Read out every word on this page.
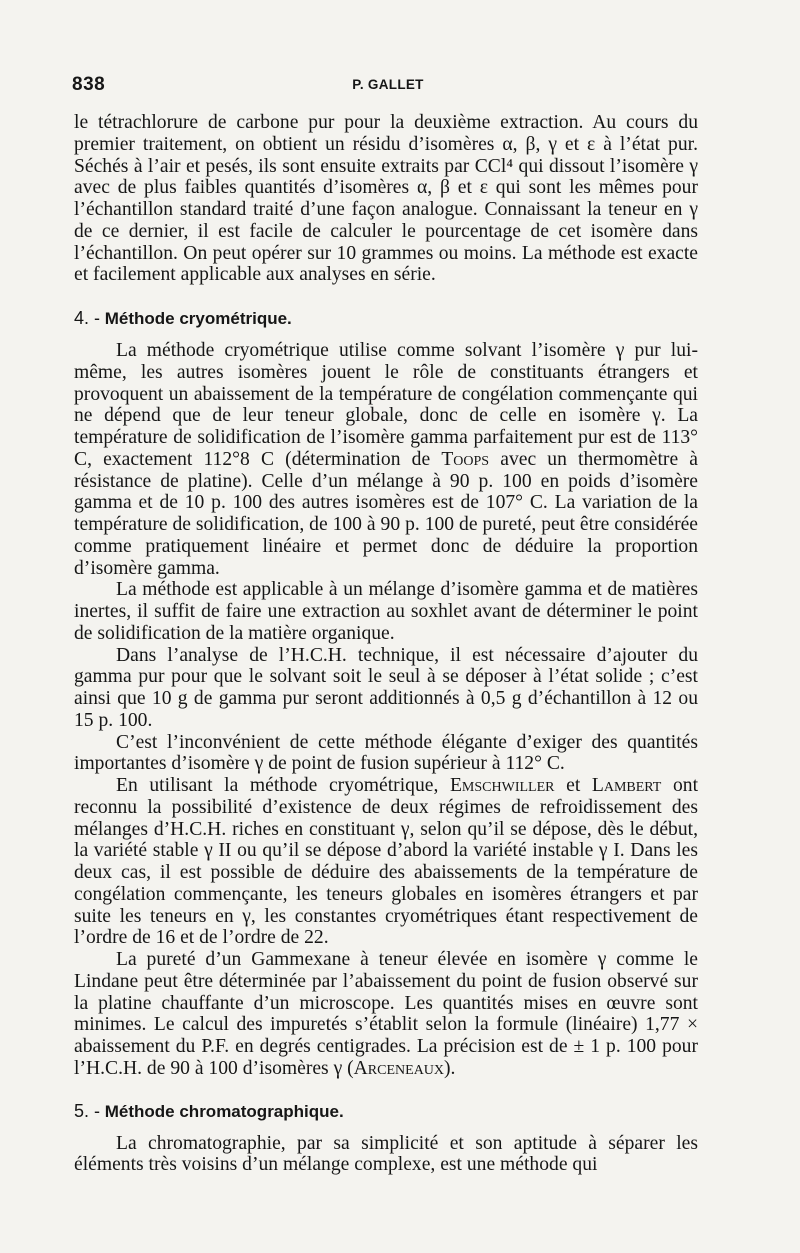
838	P. GALLET

le tétrachlorure de carbone pur pour la deuxième extraction. Au cours du premier traitement, on obtient un résidu d’isomères α, β, γ et ε à l’état pur. Séchés à l’air et pesés, ils sont ensuite extraits par CCl⁴ qui dissout l’isomère γ avec de plus faibles quantités d’isomères α, β et ε qui sont les mêmes pour l’échantillon standard traité d’une façon analogue. Connaissant la teneur en γ de ce dernier, il est facile de calculer le pourcentage de cet isomère dans l’échantillon. On peut opérer sur 10 grammes ou moins. La méthode est exacte et facilement applicable aux analyses en série.

4. - Méthode cryométrique.

La méthode cryométrique utilise comme solvant l’isomère γ pur lui-même, les autres isomères jouent le rôle de constituants étrangers et provoquent un abaissement de la température de congélation commençante qui ne dépend que de leur teneur globale, donc de celle en isomère γ. La température de solidification de l’isomère gamma parfaitement pur est de 113° C, exactement 112°8 C (détermination de Toops avec un thermomètre à résistance de platine). Celle d’un mélange à 90 p. 100 en poids d’isomère gamma et de 10 p. 100 des autres isomères est de 107° C. La variation de la température de solidification, de 100 à 90 p. 100 de pureté, peut être considérée comme pratiquement linéaire et permet donc de déduire la proportion d’isomère gamma.

La méthode est applicable à un mélange d’isomère gamma et de matières inertes, il suffit de faire une extraction au soxhlet avant de déterminer le point de solidification de la matière organique.

Dans l’analyse de l’H.C.H. technique, il est nécessaire d’ajouter du gamma pur pour que le solvant soit le seul à se déposer à l’état solide ; c’est ainsi que 10 g de gamma pur seront additionnés à 0,5 g d’échantillon à 12 ou 15 p. 100.

C’est l’inconvénient de cette méthode élégante d’exiger des quantités importantes d’isomère γ de point de fusion supérieur à 112° C.

En utilisant la méthode cryométrique, Emschwiller et Lambert ont reconnu la possibilité d’existence de deux régimes de refroidissement des mélanges d’H.C.H. riches en constituant γ, selon qu’il se dépose, dès le début, la variété stable γ II ou qu’il se dépose d’abord la variété instable γ I. Dans les deux cas, il est possible de déduire des abaissements de la température de congélation commençante, les teneurs globales en isomères étrangers et par suite les teneurs en γ, les constantes cryométriques étant respectivement de l’ordre de 16 et de l’ordre de 22.

La pureté d’un Gammexane à teneur élevée en isomère γ comme le Lindane peut être déterminée par l’abaissement du point de fusion observé sur la platine chauffante d’un microscope. Les quantités mises en œuvre sont minimes. Le calcul des impuretés s’établit selon la formule (linéaire) 1,77 × abaissement du P.F. en degrés centigrades. La précision est de ± 1 p. 100 pour l’H.C.H. de 90 à 100 d’isomères γ (Arceneaux).

5. - Méthode chromatographique.

La chromatographie, par sa simplicité et son aptitude à séparer les éléments très voisins d’un mélange complexe, est une méthode qui
